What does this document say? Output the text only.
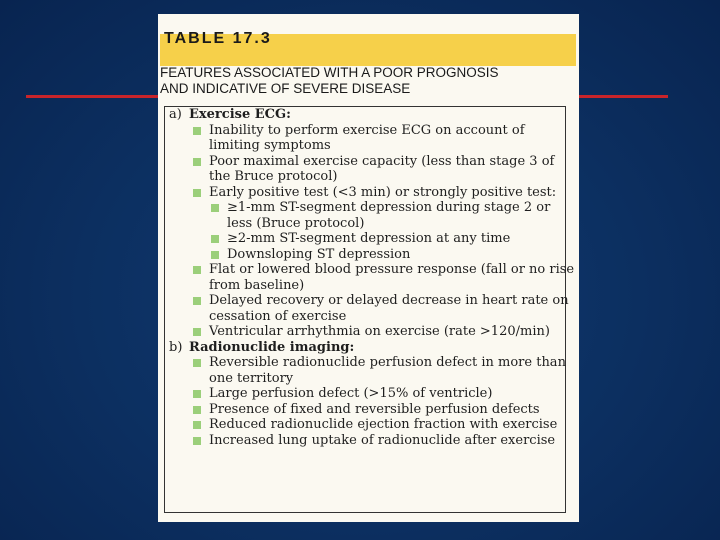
TABLE 17.3
FEATURES ASSOCIATED WITH A POOR PROGNOSIS
AND INDICATIVE OF SEVERE DISEASE
a) Exercise ECG:
Inability to perform exercise ECG on account of
limiting symptoms
Poor maximal exercise capacity (less than stage 3 of
the Bruce protocol)
Early positive test (<3 min) or strongly positive test:
≥1-mm ST-segment depression during stage 2 or
less (Bruce protocol)
≥2-mm ST-segment depression at any time
Downsloping ST depression
Flat or lowered blood pressure response (fall or no rise
from baseline)
Delayed recovery or delayed decrease in heart rate on
cessation of exercise
Ventricular arrhythmia on exercise (rate >120/min)
b) Radionuclide imaging:
Reversible radionuclide perfusion defect in more than
one territory
Large perfusion defect (>15% of ventricle)
Presence of fixed and reversible perfusion defects
Reduced radionuclide ejection fraction with exercise
Increased lung uptake of radionuclide after exercise
